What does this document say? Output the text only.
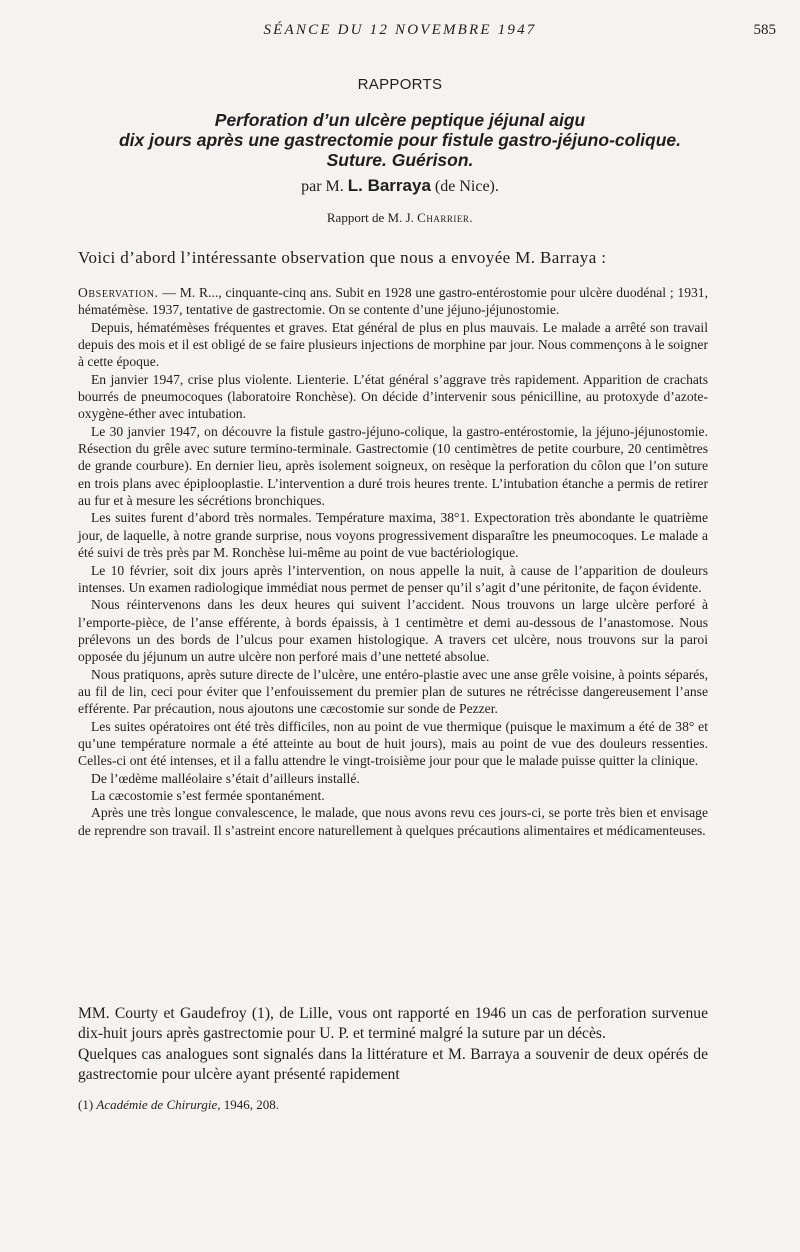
SÉANCE DU 12 NOVEMBRE 1947	585
RAPPORTS
Perforation d’un ulcère peptique jéjunal aigu
dix jours après une gastrectomie pour fistule gastro-jéjuno-colique.
Suture. Guérison.
par M. L. Barraya (de Nice).
Rapport de M. J. Charrier.
Voici d’abord l’intéressante observation que nous a envoyée M. Barraya :

Observation. — M. R..., cinquante-cinq ans. Subit en 1928 une gastro-entérostomie pour ulcère duodénal ; 1931, hématémèse. 1937, tentative de gastrectomie. On se contente d’une jéjuno-jéjunostomie.

Depuis, hématémèses fréquentes et graves. Etat général de plus en plus mauvais. Le malade a arrêté son travail depuis des mois et il est obligé de se faire plusieurs injections de morphine par jour. Nous commençons à le soigner à cette époque.

En janvier 1947, crise plus violente. Lienterie. L’état général s’aggrave très rapidement. Apparition de crachats bourrés de pneumocoques (laboratoire Ronchèse). On décide d’intervenir sous pénicilline, au protoxyde d’azote-oxygène-éther avec intubation.

Le 30 janvier 1947, on découvre la fistule gastro-jéjuno-colique, la gastro-entérostomie, la jéjuno-jéjunostomie. Résection du grêle avec suture termino-terminale. Gastrectomie (10 centimètres de petite courbure, 20 centimètres de grande courbure). En dernier lieu, après isolement soigneux, on resèque la perforation du côlon que l’on suture en trois plans avec épiplooplastie. L’intervention a duré trois heures trente. L’intubation étanche a permis de retirer au fur et à mesure les sécrétions bronchiques.

Les suites furent d’abord très normales. Température maxima, 38°1. Expectoration très abondante le quatrième jour, de laquelle, à notre grande surprise, nous voyons progressivement disparaître les pneumocoques. Le malade a été suivi de très près par M. Ronchèse lui-même au point de vue bactériologique.

Le 10 février, soit dix jours après l’intervention, on nous appelle la nuit, à cause de l’apparition de douleurs intenses. Un examen radiologique immédiat nous permet de penser qu’il s’agit d’une péritonite, de façon évidente.

Nous réintervenons dans les deux heures qui suivent l’accident. Nous trouvons un large ulcère perforé à l’emporte-pièce, de l’anse efférente, à bords épaissis, à 1 centimètre et demi au-dessous de l’anastomose. Nous prélevons un des bords de l’ulcus pour examen histologique. A travers cet ulcère, nous trouvons sur la paroi opposée du jéjunum un autre ulcère non perforé mais d’une netteté absolue.

Nous pratiquons, après suture directe de l’ulcère, une entéro-plastie avec une anse grêle voisine, à points séparés, au fil de lin, ceci pour éviter que l’enfouissement du premier plan de sutures ne rétrécisse dangereusement l’anse efférente. Par précaution, nous ajoutons une cæcostomie sur sonde de Pezzer.

Les suites opératoires ont été très difficiles, non au point de vue thermique (puisque le maximum a été de 38° et qu’une température normale a été atteinte au bout de huit jours), mais au point de vue des douleurs ressenties. Celles-ci ont été intenses, et il a fallu attendre le vingt-troisième jour pour que le malade puisse quitter la clinique.

De l’œdème malléolaire s’était d’ailleurs installé.

La cæcostomie s’est fermée spontanément.

Après une très longue convalescence, le malade, que nous avons revu ces jours-ci, se porte très bien et envisage de reprendre son travail. Il s’astreint encore naturellement à quelques précautions alimentaires et médicamenteuses.

MM. Courty et Gaudefroy (1), de Lille, vous ont rapporté en 1946 un cas de perforation survenue dix-huit jours après gastrectomie pour U. P. et terminé malgré la suture par un décès.

Quelques cas analogues sont signalés dans la littérature et M. Barraya a souvenir de deux opérés de gastrectomie pour ulcère ayant présenté rapidement

(1) Académie de Chirurgie, 1946, 208.
